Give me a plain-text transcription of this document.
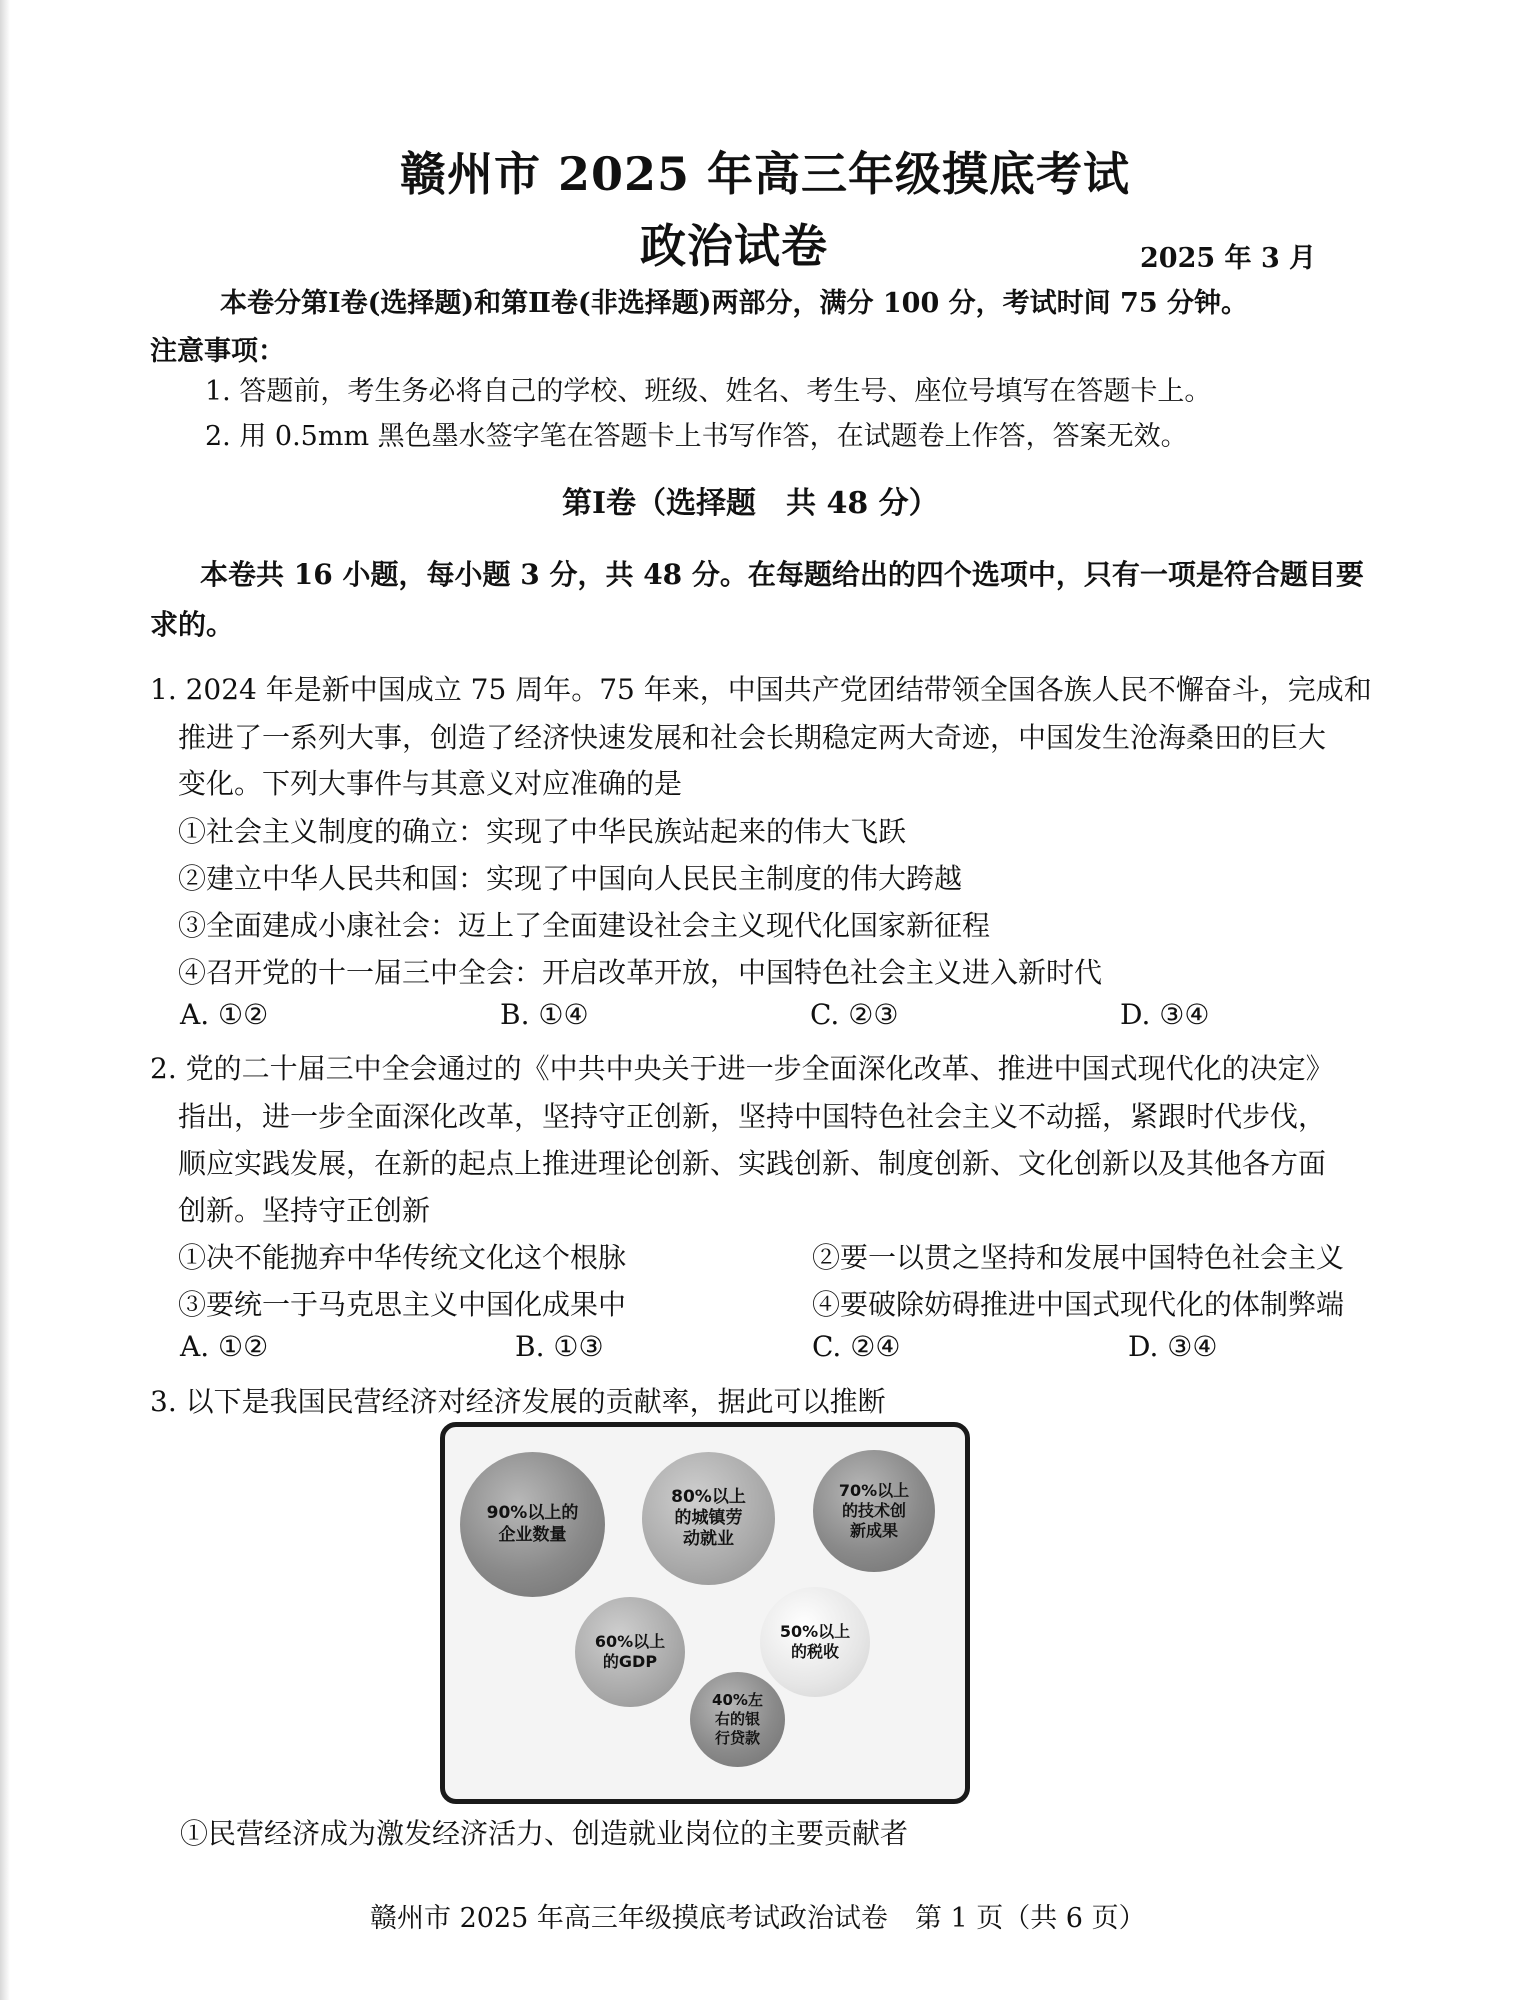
赣州市 2025 年高三年级摸底考试
政治试卷	2025 年 3 月
本卷分第Ⅰ卷(选择题)和第Ⅱ卷(非选择题)两部分，满分 100 分，考试时间 75 分钟。
注意事项：
1. 答题前，考生务必将自己的学校、班级、姓名、考生号、座位号填写在答题卡上。
2. 用 0.5mm 黑色墨水签字笔在答题卡上书写作答，在试题卷上作答，答案无效。
第Ⅰ卷（选择题　共 48 分）
本卷共 16 小题，每小题 3 分，共 48 分。在每题给出的四个选项中，只有一项是符合题目要
求的。
1. 2024 年是新中国成立 75 周年。75 年来，中国共产党团结带领全国各族人民不懈奋斗，完成和
推进了一系列大事，创造了经济快速发展和社会长期稳定两大奇迹，中国发生沧海桑田的巨大
变化。下列大事件与其意义对应准确的是
①社会主义制度的确立：实现了中华民族站起来的伟大飞跃
②建立中华人民共和国：实现了中国向人民民主制度的伟大跨越
③全面建成小康社会：迈上了全面建设社会主义现代化国家新征程
④召开党的十一届三中全会：开启改革开放，中国特色社会主义进入新时代
A. ①②	B. ①④	C. ②③	D. ③④
2. 党的二十届三中全会通过的《中共中央关于进一步全面深化改革、推进中国式现代化的决定》
指出，进一步全面深化改革，坚持守正创新，坚持中国特色社会主义不动摇，紧跟时代步伐，
顺应实践发展，在新的起点上推进理论创新、实践创新、制度创新、文化创新以及其他各方面
创新。坚持守正创新
①决不能抛弃中华传统文化这个根脉	②要一以贯之坚持和发展中国特色社会主义
③要统一于马克思主义中国化成果中	④要破除妨碍推进中国式现代化的体制弊端
A. ①②	B. ①③	C. ②④	D. ③④
3. 以下是我国民营经济对经济发展的贡献率，据此可以推断
90%以上的
企业数量
80%以上
的城镇劳
动就业
70%以上
的技术创
新成果
60%以上
的GDP
50%以上
的税收
40%左
右的银
行贷款
①民营经济成为激发经济活力、创造就业岗位的主要贡献者
赣州市 2025 年高三年级摸底考试政治试卷　第 1 页（共 6 页）
